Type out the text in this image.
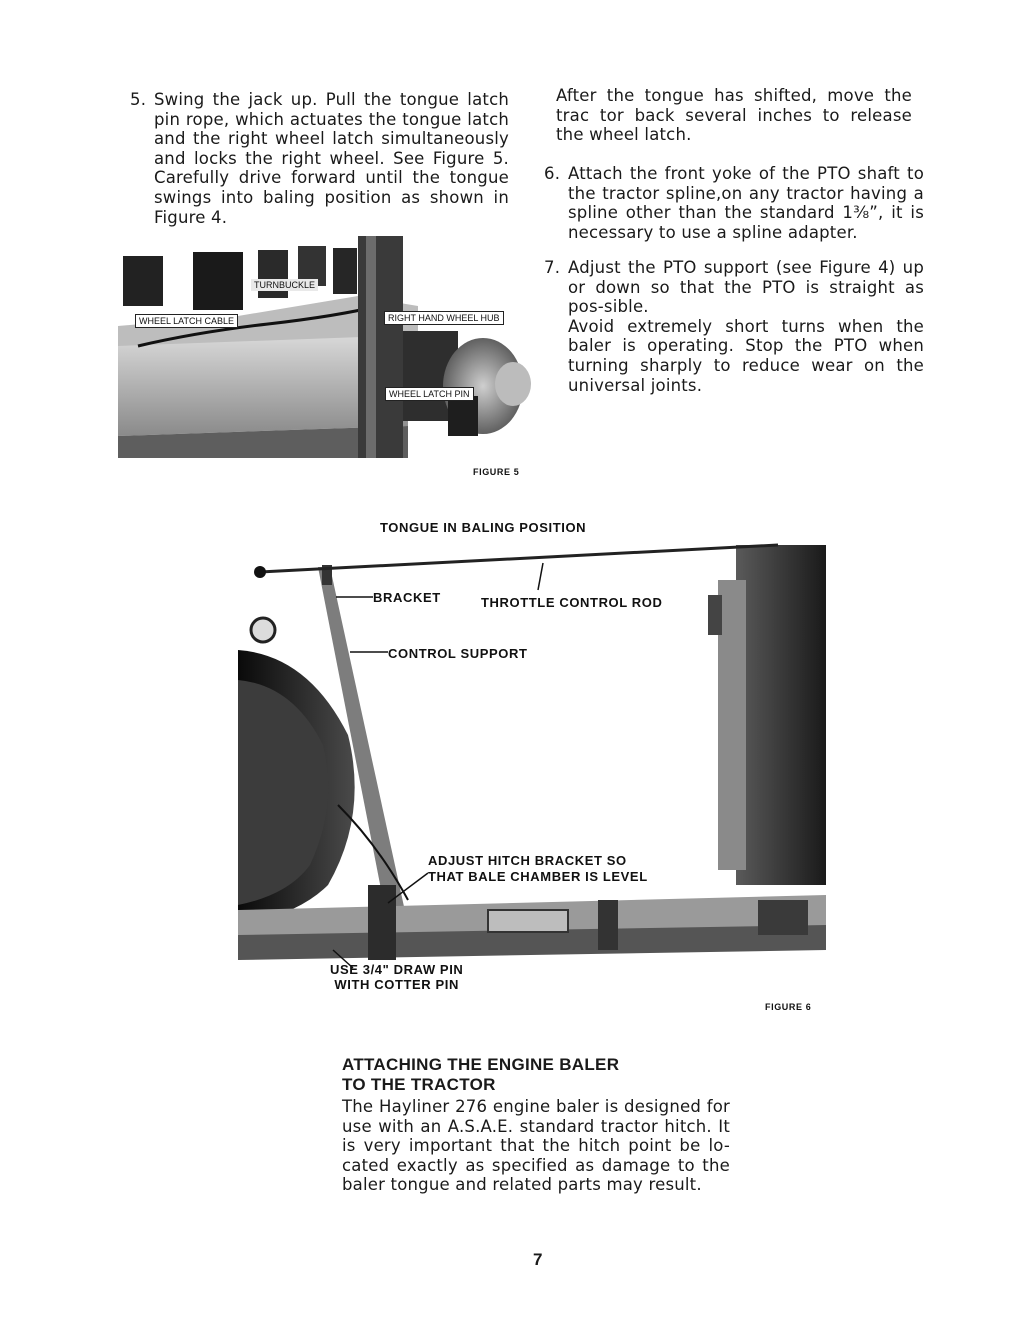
5. Swing the jack up. Pull the tongue latch pin rope, which actuates the tongue latch and the right wheel latch simultaneously and locks the right wheel. See Figure 5. Carefully drive forward until the tongue swings into baling position as shown in Figure 4.
After the tongue has shifted, move the trac tor back several inches to release the wheel latch.
6. Attach the front yoke of the PTO shaft to the tractor spline,on any tractor having a spline other than the standard 1⅜”, it is necessary to use a spline adapter.
7. Adjust the PTO support (see Figure 4) up or down so that the PTO is straight as pos-sible.
Avoid extremely short turns when the baler is operating. Stop the PTO when turning sharply to reduce wear on the universal joints.
TURNBUCKLE
WHEEL LATCH CABLE	RIGHT HAND WHEEL HUB
WHEEL LATCH PIN
FIGURE 5
BRACKET	THROTTLE CONTROL ROD
CONTROL SUPPORT
ADJUST HITCH BRACKET SO
THAT BALE CHAMBER IS LEVEL
TONGUE IN BALING POSITION
USE 3/4" DRAW PIN
WITH COTTER PIN
FIGURE 6
ATTACHING THE ENGINE BALER
TO THE TRACTOR
The Hayliner 276 engine baler is designed for use with an A.S.A.E. standard tractor hitch. It is very important that the hitch point be lo-cated exactly as specified as damage to the baler tongue and related parts may result.
7
